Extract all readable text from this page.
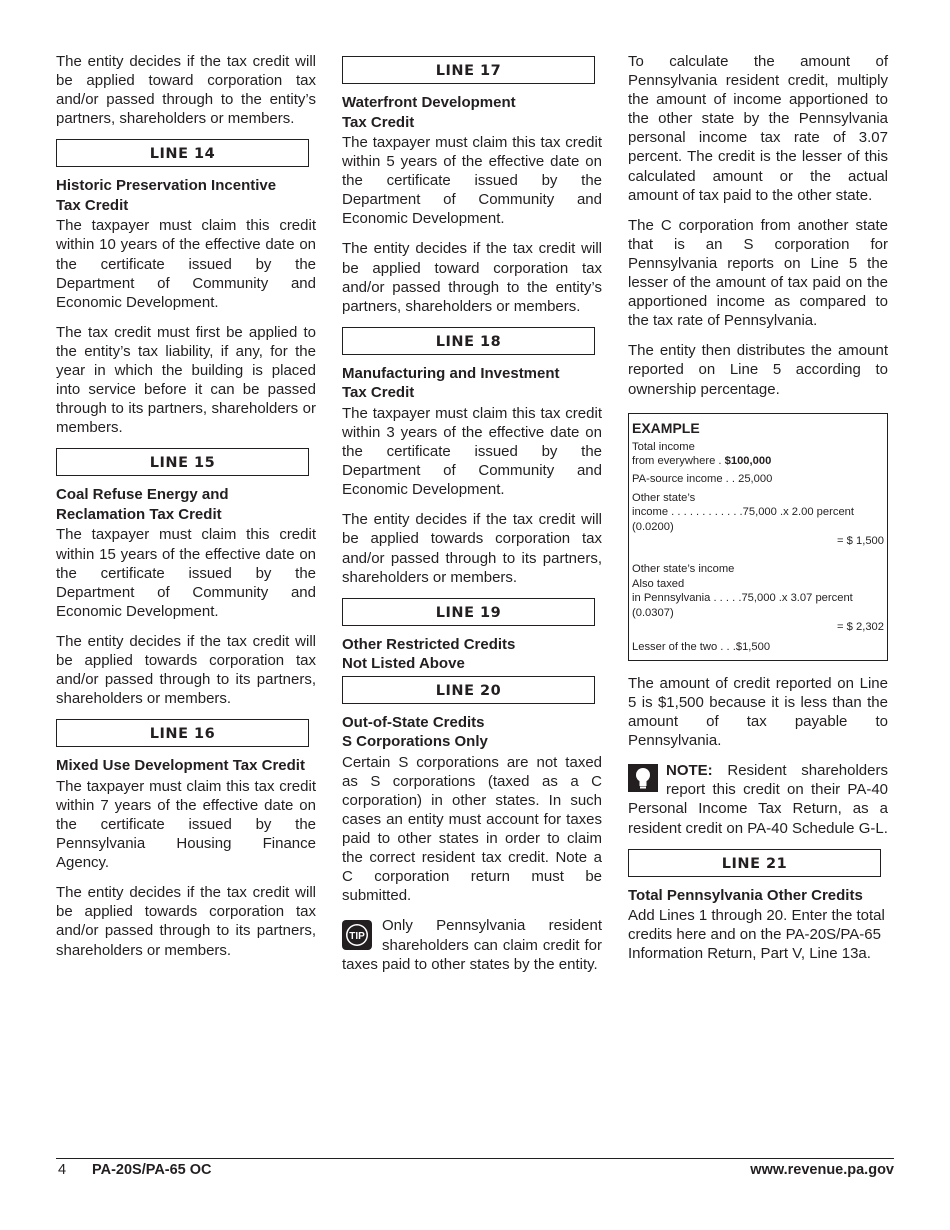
The entity decides if the tax credit will be applied toward corporation tax and/or passed through to the entity’s partners, shareholders or members.

LINE 14
Historic Preservation Incentive
Tax Credit

The taxpayer must claim this credit within 10 years of the effective date on the certificate issued by the Department of Community and Economic Development.

The tax credit must first be applied to the entity’s tax liability, if any, for the year in which the building is placed into service before it can be passed through to its partners, shareholders or members.

LINE 15
Coal Refuse Energy and
Reclamation Tax Credit

The taxpayer must claim this credit within 15 years of the effective date on the certificate issued by the Department of Community and Economic Development.

The entity decides if the tax credit will be applied towards corporation tax and/or passed through to its partners, shareholders or members.

LINE 16
Mixed Use Development Tax Credit

The taxpayer must claim this tax credit within 7 years of the effective date on the certificate issued by the Pennsylvania Housing Finance Agency.

The entity decides if the tax credit will be applied towards corporation tax and/or passed through to its partners, shareholders or members.

LINE 17
Waterfront Development
Tax Credit

The taxpayer must claim this tax credit within 5 years of the effective date on the certificate issued by the Department of Community and Economic Development.

The entity decides if the tax credit will be applied toward corporation tax and/or passed through to the entity’s partners, shareholders or members.

LINE 18
Manufacturing and Investment
Tax Credit

The taxpayer must claim this tax credit within 3 years of the effective date on the certificate issued by the Department of Community and Economic Development.

The entity decides if the tax credit will be applied towards corporation tax and/or passed through to its partners, shareholders or members.

LINE 19
Other Restricted Credits
Not Listed Above
LINE 20
Out-of-State Credits
S Corporations Only

Certain S corporations are not taxed as S corporations (taxed as a C corporation) in other states. In such cases an entity must account for taxes paid to other states in order to claim the correct resident tax credit. Note a C corporation return must be submitted.

TIP
Only Pennsylvania resident shareholders can claim credit for taxes paid to other states by the entity.

To calculate the amount of Pennsylvania resident credit, multiply the amount of income apportioned to the other state by the Pennsylvania personal income tax rate of 3.07 percent. The credit is the lesser of this calculated amount or the actual amount of tax paid to the other state.

The C corporation from another state that is an S corporation for Pennsylvania reports on Line 5 the lesser of the amount of tax paid on the apportioned income as compared to the tax rate of Pennsylvania.

The entity then distributes the amount reported on Line 5 according to ownership percentage.

EXAMPLE
Total income
from everywhere . $100,000
PA-source income . . 25,000
Other state’s
income . . . . . . . . . . . .75,000 .x 2.00 percent (0.0200)
= $ 1,500
Other state’s income
Also taxed
in Pennsylvania . . . . .75,000 .x 3.07 percent (0.0307)
= $ 2,302
Lesser of the two . . .$1,500

The amount of credit reported on Line 5 is $1,500 because it is less than the amount of tax payable to Pennsylvania.

NOTE: Resident shareholders report this credit on their PA-40 Personal Income Tax Return, as a resident credit on PA-40 Schedule G-L.

LINE 21
Total Pennsylvania Other Credits

Add Lines 1 through 20. Enter the total credits here and on the PA-20S/PA-65 Information Return, Part V, Line 13a.

4 PA-20S/PA-65 OC	www.revenue.pa.gov
